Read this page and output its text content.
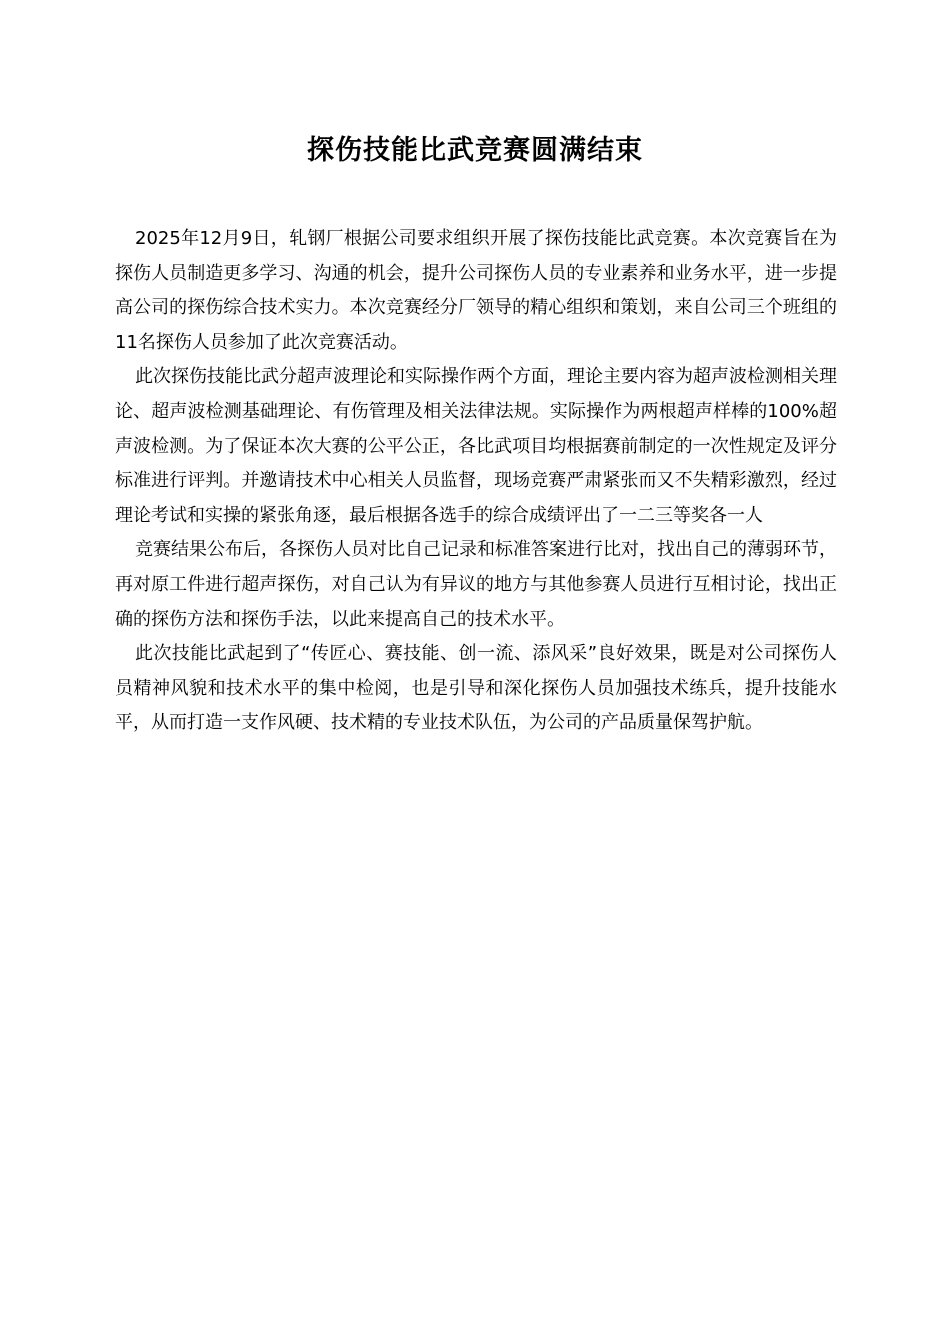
探伤技能比武竞赛圆满结束

2025年12月9日，轧钢厂根据公司要求组织开展了探伤技能比武竞赛。本次竞赛旨在为探伤人员制造更多学习、沟通的机会，提升公司探伤人员的专业素养和业务水平，进一步提高公司的探伤综合技术实力。本次竞赛经分厂领导的精心组织和策划，来自公司三个班组的11名探伤人员参加了此次竞赛活动。

此次探伤技能比武分超声波理论和实际操作两个方面，理论主要内容为超声波检测相关理论、超声波检测基础理论、有伤管理及相关法律法规。实际操作为两根超声样棒的100%超声波检测。为了保证本次大赛的公平公正，各比武项目均根据赛前制定的一次性规定及评分标准进行评判。并邀请技术中心相关人员监督，现场竞赛严肃紧张而又不失精彩激烈，经过理论考试和实操的紧张角逐，最后根据各选手的综合成绩评出了一二三等奖各一人

竞赛结果公布后，各探伤人员对比自己记录和标准答案进行比对，找出自己的薄弱环节，再对原工件进行超声探伤，对自己认为有异议的地方与其他参赛人员进行互相讨论，找出正确的探伤方法和探伤手法，以此来提高自己的技术水平。

此次技能比武起到了“传匠心、赛技能、创一流、添风采”良好效果，既是对公司探伤人员精神风貌和技术水平的集中检阅，也是引导和深化探伤人员加强技术练兵，提升技能水平，从而打造一支作风硬、技术精的专业技术队伍，为公司的产品质量保驾护航。
